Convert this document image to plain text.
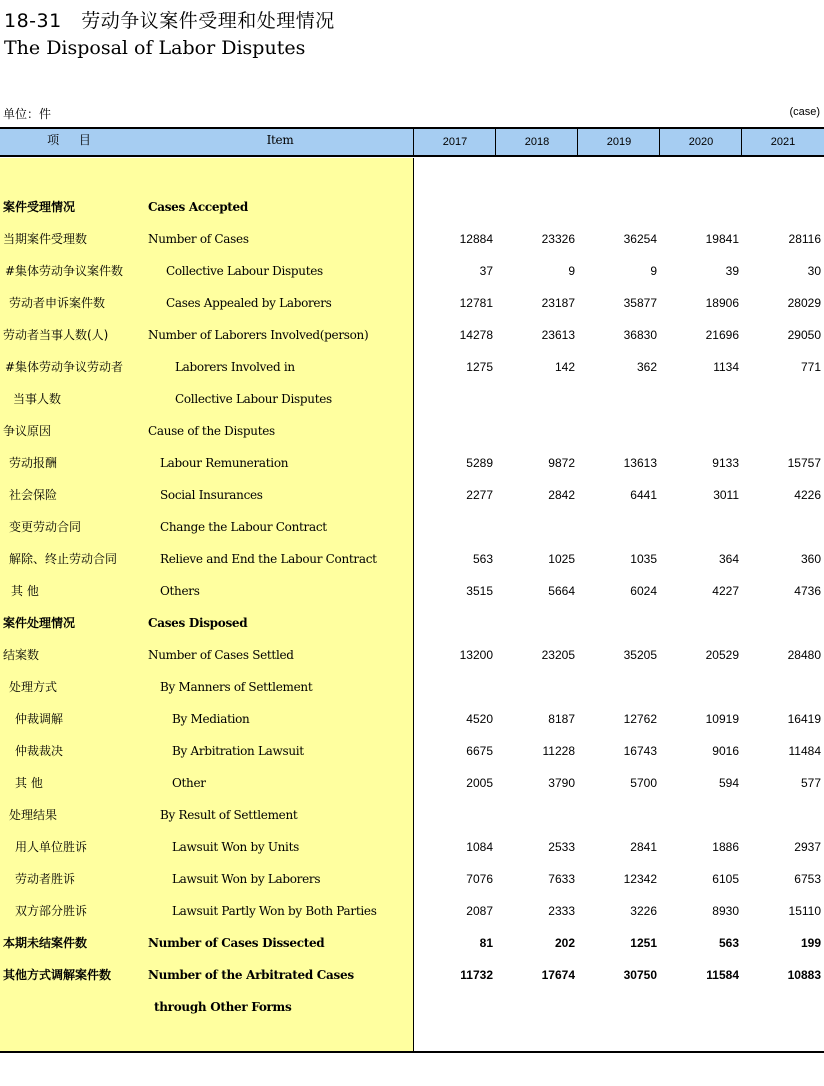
18-31　劳动争议案件受理和处理情况
The Disposal of Labor Disputes
单位：件	(case)
项 目	Item	2017	2018	2019	2020	2021
案件受理情况	Cases Accepted
当期案件受理数	Number of Cases	12884	23326	36254	19841	28116
#集体劳动争议案件数	Collective Labour Disputes	37	9	9	39	30
劳动者申诉案件数	Cases Appealed by Laborers	12781	23187	35877	18906	28029
劳动者当事人数(人)	Number of Laborers Involved(person)	14278	23613	36830	21696	29050
#集体劳动争议劳动者	Laborers Involved in	1275	142	362	1134	771
当事人数	Collective Labour Disputes
争议原因	Cause of the Disputes
劳动报酬	Labour Remuneration	5289	9872	13613	9133	15757
社会保险	Social Insurances	2277	2842	6441	3011	4226
变更劳动合同	Change the Labour Contract
解除、终止劳动合同	Relieve and End the Labour Contract	563	1025	1035	364	360
其 他	Others	3515	5664	6024	4227	4736
案件处理情况	Cases Disposed
结案数	Number of Cases Settled	13200	23205	35205	20529	28480
处理方式	By Manners of Settlement
仲裁调解	By Mediation	4520	8187	12762	10919	16419
仲裁裁决	By Arbitration Lawsuit	6675	11228	16743	9016	11484
其 他	Other	2005	3790	5700	594	577
处理结果	By Result of Settlement
用人单位胜诉	Lawsuit Won by Units	1084	2533	2841	1886	2937
劳动者胜诉	Lawsuit Won by Laborers	7076	7633	12342	6105	6753
双方部分胜诉	Lawsuit Partly Won by Both Parties	2087	2333	3226	8930	15110
本期未结案件数	Number of Cases Dissected	81	202	1251	563	199
其他方式调解案件数	Number of the Arbitrated Cases	11732	17674	30750	11584	10883
through Other Forms
